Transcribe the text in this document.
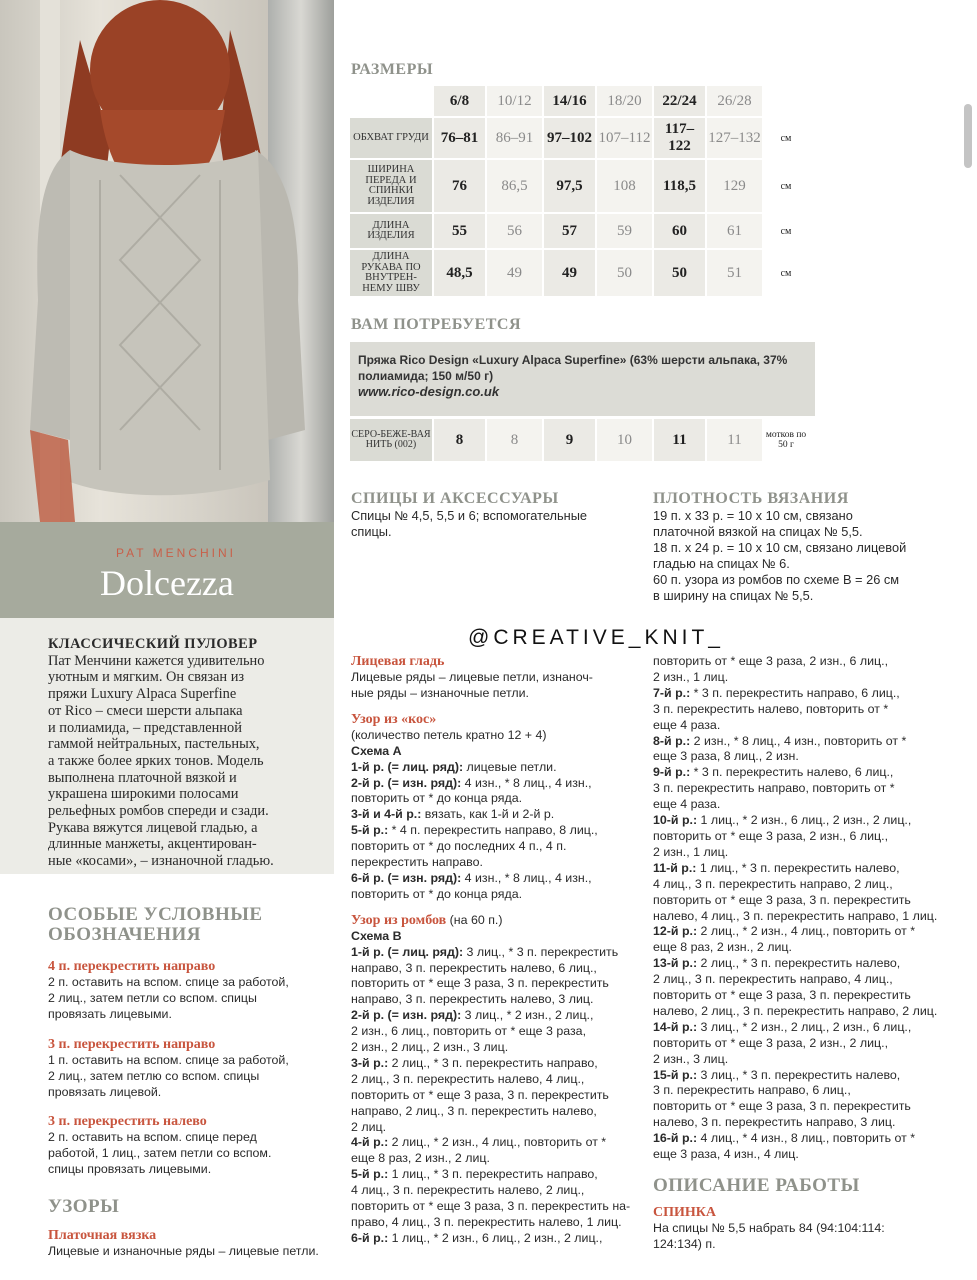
PAT MENCHINI
Dolcezza
КЛАССИЧЕСКИЙ ПУЛОВЕР
Пат Менчини кажется удивительно
уютным и мягким. Он связан из
пряжи Luxury Alpaca Superfine
от Rico – смеси шерсти альпака
и полиамида, – представленной
гаммой нейтральных, пастельных,
а также более ярких тонов. Модель
выполнена платочной вязкой и
украшена широкими полосами
рельефных ромбов спереди и сзади.
Рукава вяжутся лицевой гладью, а
длинные манжеты, акцентирован-
ные «косами», – изнаночной гладью.
ОСОБЫЕ УСЛОВНЫЕ
ОБОЗНАЧЕНИЯ
4 п. перекрестить направо
2 п. оставить на вспом. спице за работой,
2 лиц., затем петли со вспом. спицы
провязать лицевыми.
3 п. перекрестить направо
1 п. оставить на вспом. спице за работой,
2 лиц., затем петлю со вспом. спицы
провязать лицевой.
3 п. перекрестить налево
2 п. оставить на вспом. спице перед
работой, 1 лиц., затем петли со вспом.
спицы провязать лицевыми.
УЗОРЫ
Платочная вязка
Лицевые и изнаночные ряды – лицевые петли.
РАЗМЕРЫ
	6/8	10/12	14/16	18/20	22/24	26/28	
ОБХВАТ ГРУДИ	76–81	86–91	97–102	107–112	117–122	127–132	см
ШИРИНА ПЕРЕДА И СПИНКИ ИЗДЕЛИЯ	76	86,5	97,5	108	118,5	129	см
ДЛИНА ИЗДЕЛИЯ	55	56	57	59	60	61	см
ДЛИНА РУКАВА ПО ВНУТРЕН-НЕМУ ШВУ	48,5	49	49	50	50	51	см
ВАМ ПОТРЕБУЕТСЯ
Пряжа Rico Design «Luxury Alpaca Superfine» (63% шерсти альпака, 37%
полиамида; 150 м/50 г)
www.rico-design.co.uk
СЕРО-БЕЖЕ-ВАЯ НИТЬ (002)	8	8	9	10	11	11	мотков по 50 г
СПИЦЫ И АКСЕССУАРЫ
Спицы № 4,5, 5,5 и 6; вспомогательные
спицы.
ПЛОТНОСТЬ ВЯЗАНИЯ
19 п. х 33 р. = 10 х 10 см, связано
платочной вязкой на спицах № 5,5.
18 п. х 24 р. = 10 х 10 см, связано лицевой
гладью на спицах № 6.
60 п. узора из ромбов по схеме В = 26 см
в ширину на спицах № 5,5.
@CREATIVE_KNIT_
Лицевая гладь
Лицевые ряды – лицевые петли, изнаноч-
ные ряды – изнаночные петли.
Узор из «кос»
(количество петель кратно 12 + 4)
Схема А
1-й р. (= лиц. ряд): лицевые петли.
2-й р. (= изн. ряд): 4 изн., * 8 лиц., 4 изн.,
повторить от * до конца ряда.
3-й и 4-й р.: вязать, как 1-й и 2-й р.
5-й р.: * 4 п. перекрестить направо, 8 лиц.,
повторить от * до последних 4 п., 4 п.
перекрестить направо.
6-й р. (= изн. ряд): 4 изн., * 8 лиц., 4 изн.,
повторить от * до конца ряда.
Узор из ромбов (на 60 п.)
Схема В
1-й р. (= лиц. ряд): 3 лиц., * 3 п. перекрестить
направо, 3 п. перекрестить налево, 6 лиц.,
повторить от * еще 3 раза, 3 п. перекрестить
направо, 3 п. перекрестить налево, 3 лиц.
2-й р. (= изн. ряд): 3 лиц., * 2 изн., 2 лиц.,
2 изн., 6 лиц., повторить от * еще 3 раза,
2 изн., 2 лиц., 2 изн., 3 лиц.
3-й р.: 2 лиц., * 3 п. перекрестить направо,
2 лиц., 3 п. перекрестить налево, 4 лиц.,
повторить от * еще 3 раза, 3 п. перекрестить
направо, 2 лиц., 3 п. перекрестить налево,
2 лиц.
4-й р.: 2 лиц., * 2 изн., 4 лиц., повторить от *
еще 8 раз, 2 изн., 2 лиц.
5-й р.: 1 лиц., * 3 п. перекрестить направо,
4 лиц., 3 п. перекрестить налево, 2 лиц.,
повторить от * еще 3 раза, 3 п. перекрестить на-
право, 4 лиц., 3 п. перекрестить налево, 1 лиц.
6-й р.: 1 лиц., * 2 изн., 6 лиц., 2 изн., 2 лиц.,
повторить от * еще 3 раза, 2 изн., 6 лиц.,
2 изн., 1 лиц.
7-й р.: * 3 п. перекрестить направо, 6 лиц.,
3 п. перекрестить налево, повторить от *
еще 4 раза.
8-й р.: 2 изн., * 8 лиц., 4 изн., повторить от *
еще 3 раза, 8 лиц., 2 изн.
9-й р.: * 3 п. перекрестить налево, 6 лиц.,
3 п. перекрестить направо, повторить от *
еще 4 раза.
10-й р.: 1 лиц., * 2 изн., 6 лиц., 2 изн., 2 лиц.,
повторить от * еще 3 раза, 2 изн., 6 лиц.,
2 изн., 1 лиц.
11-й р.: 1 лиц., * 3 п. перекрестить налево,
4 лиц., 3 п. перекрестить направо, 2 лиц.,
повторить от * еще 3 раза, 3 п. перекрестить
налево, 4 лиц., 3 п. перекрестить направо, 1 лиц.
12-й р.: 2 лиц., * 2 изн., 4 лиц., повторить от *
еще 8 раз, 2 изн., 2 лиц.
13-й р.: 2 лиц., * 3 п. перекрестить налево,
2 лиц., 3 п. перекрестить направо, 4 лиц.,
повторить от * еще 3 раза, 3 п. перекрестить
налево, 2 лиц., 3 п. перекрестить направо, 2 лиц.
14-й р.: 3 лиц., * 2 изн., 2 лиц., 2 изн., 6 лиц.,
повторить от * еще 3 раза, 2 изн., 2 лиц.,
2 изн., 3 лиц.
15-й р.: 3 лиц., * 3 п. перекрестить налево,
3 п. перекрестить направо, 6 лиц.,
повторить от * еще 3 раза, 3 п. перекрестить
налево, 3 п. перекрестить направо, 3 лиц.
16-й р.: 4 лиц., * 4 изн., 8 лиц., повторить от *
еще 3 раза, 4 изн., 4 лиц.
ОПИСАНИЕ РАБОТЫ
СПИНКА
На спицы № 5,5 набрать 84 (94:104:114:
124:134) п.
